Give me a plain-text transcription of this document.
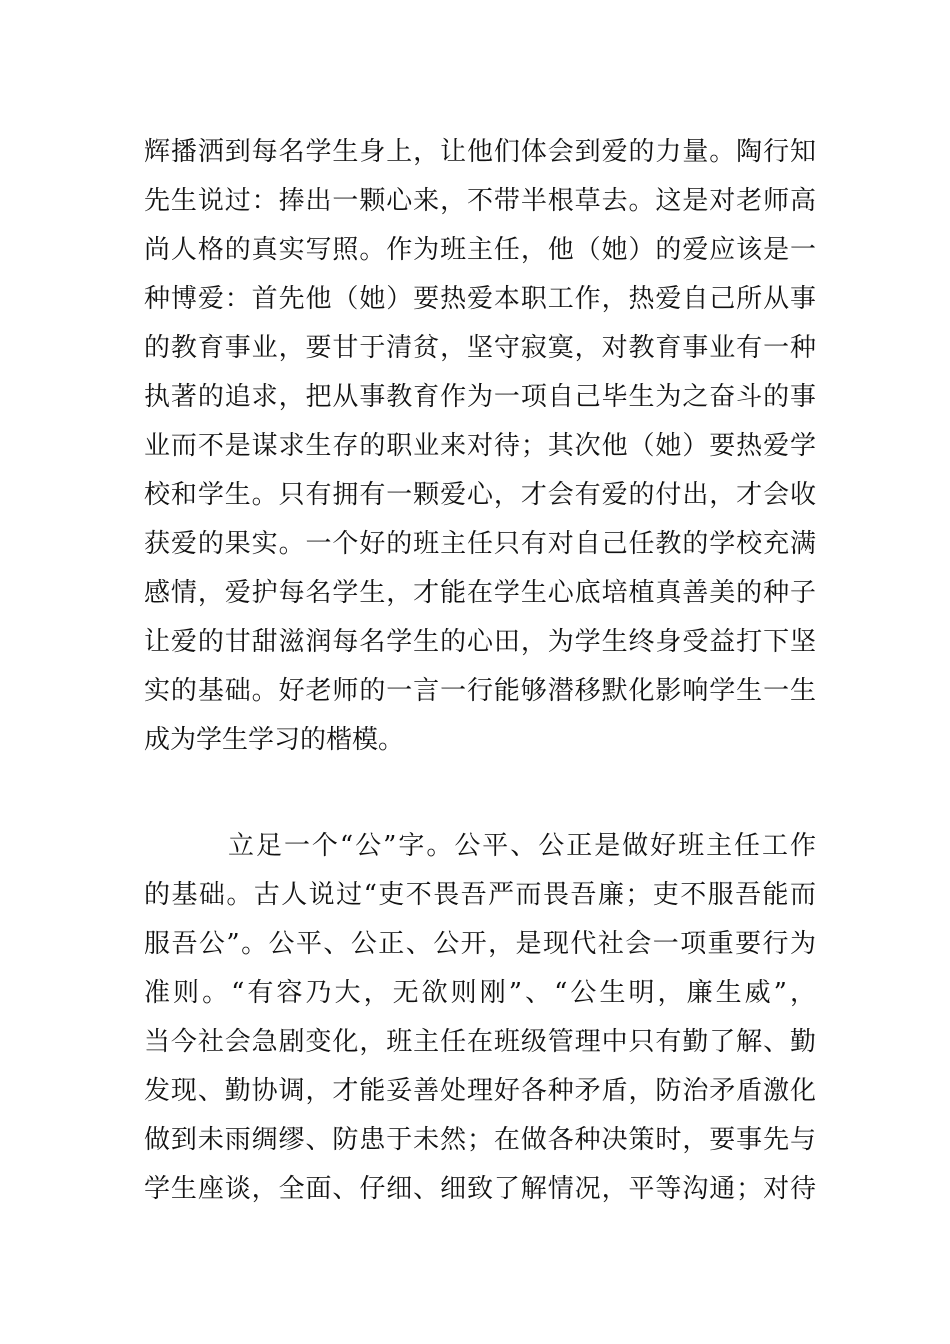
辉播洒到每名学生身上，让他们体会到爱的力量。陶行知
先生说过：捧出一颗心来，不带半根草去。这是对老师高
尚人格的真实写照。作为班主任，他（她）的爱应该是一
种博爱：首先他（她）要热爱本职工作，热爱自己所从事
的教育事业，要甘于清贫，坚守寂寞，对教育事业有一种
执著的追求，把从事教育作为一项自己毕生为之奋斗的事
业而不是谋求生存的职业来对待；其次他（她）要热爱学
校和学生。只有拥有一颗爱心，才会有爱的付出，才会收
获爱的果实。一个好的班主任只有对自己任教的学校充满
感情，爱护每名学生，才能在学生心底培植真善美的种子
让爱的甘甜滋润每名学生的心田，为学生终身受益打下坚
实的基础。好老师的一言一行能够潜移默化影响学生一生
成为学生学习的楷模。
立足一个“公”字。公平、公正是做好班主任工作
的基础。古人说过“吏不畏吾严而畏吾廉；吏不服吾能而
服吾公”。公平、公正、公开，是现代社会一项重要行为
准则。“有容乃大，无欲则刚”、“公生明，廉生威”，
当今社会急剧变化，班主任在班级管理中只有勤了解、勤
发现、勤协调，才能妥善处理好各种矛盾，防治矛盾激化
做到未雨绸缪、防患于未然；在做各种决策时，要事先与
学生座谈，全面、仔细、细致了解情况，平等沟通；对待
